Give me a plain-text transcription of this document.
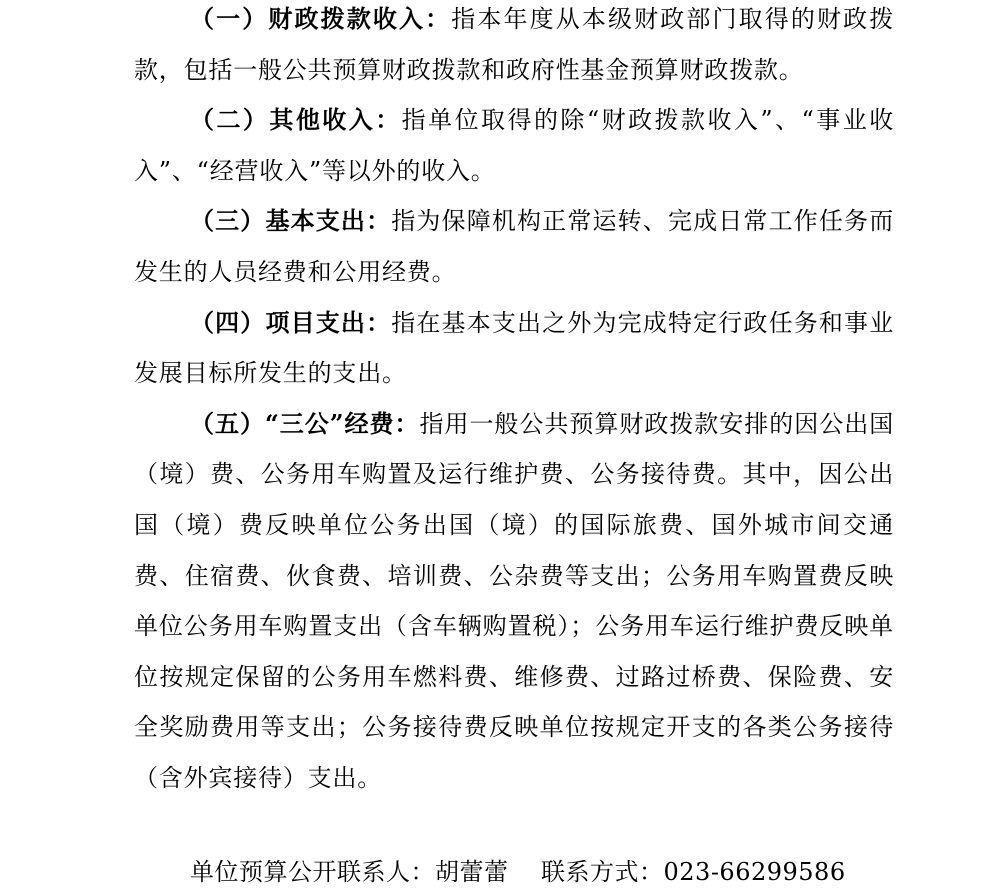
（一）财政拨款收入：指本年度从本级财政部门取得的财政拨款，包括一般公共预算财政拨款和政府性基金预算财政拨款。

（二）其他收入：指单位取得的除“财政拨款收入”、“事业收入”、“经营收入”等以外的收入。

（三）基本支出：指为保障机构正常运转、完成日常工作任务而发生的人员经费和公用经费。

（四）项目支出：指在基本支出之外为完成特定行政任务和事业发展目标所发生的支出。

（五）“三公”经费：指用一般公共预算财政拨款安排的因公出国（境）费、公务用车购置及运行维护费、公务接待费。其中，因公出国（境）费反映单位公务出国（境）的国际旅费、国外城市间交通费、住宿费、伙食费、培训费、公杂费等支出；公务用车购置费反映单位公务用车购置支出（含车辆购置税）；公务用车运行维护费反映单位按规定保留的公务用车燃料费、维修费、过路过桥费、保险费、安全奖励费用等支出；公务接待费反映单位按规定开支的各类公务接待（含外宾接待）支出。

单位预算公开联系人：胡蕾蕾 联系方式：023-66299586
